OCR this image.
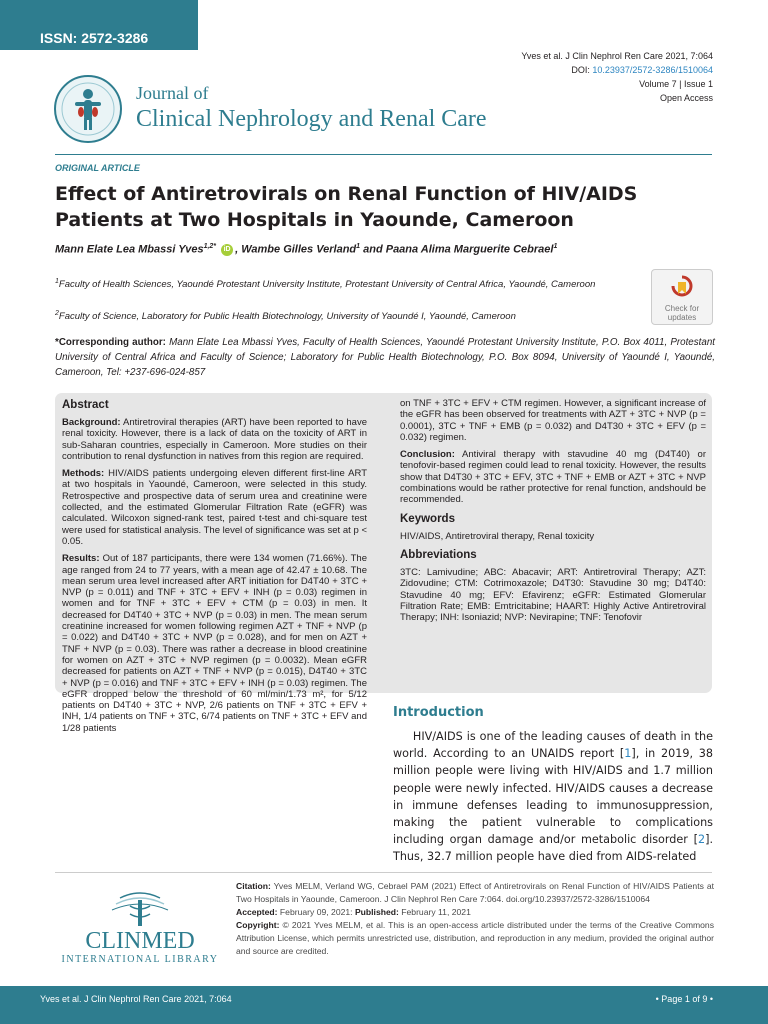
ISSN: 2572-3286
Yves et al. J Clin Nephrol Ren Care 2021, 7:064
DOI: 10.23937/2572-3286/1510064
Volume 7 | Issue 1
Open Access
Journal of
Clinical Nephrology and Renal Care
ORIGINAL ARTICLE
Effect of Antiretrovirals on Renal Function of HIV/AIDS Patients at Two Hospitals in Yaounde, Cameroon
Mann Elate Lea Mbassi Yves$^{1,2*}$ iD , Wambe Gilles Verland$^1$ and Paana Alima Marguerite Cebrael$^1$
$^1$Faculty of Health Sciences, Yaoundé Protestant University Institute, Protestant University of Central Africa, Yaoundé, Cameroon
$^2$Faculty of Science, Laboratory for Public Health Biotechnology, University of Yaoundé I, Yaoundé, Cameroon
Check for updates
*Corresponding author: Mann Elate Lea Mbassi Yves, Faculty of Health Sciences, Yaoundé Protestant University Institute, P.O. Box 4011, Protestant University of Central Africa and Faculty of Science; Laboratory for Public Health Biotechnology, P.O. Box 8094, University of Yaoundé I, Yaoundé, Cameroon, Tel: +237-696-024-857
Abstract

Background: Antiretroviral therapies (ART) have been reported to have renal toxicity. However, there is a lack of data on the toxicity of ART in sub-Saharan countries, especially in Cameroon. More studies on their contribution to renal dysfunction in natives from this region are required.

Methods: HIV/AIDS patients undergoing eleven different first-line ART at two hospitals in Yaoundé, Cameroon, were selected in this study. Retrospective and prospective data of serum urea and creatinine were collected, and the estimated Glomerular Filtration Rate (eGFR) was calculated. Wilcoxon signed-rank test, paired t-test and chi-square test were used for statistical analysis. The level of significance was set at p < 0.05.

Results: Out of 187 participants, there were 134 women (71.66%). The age ranged from 24 to 77 years, with a mean age of 42.47 ± 10.68. The mean serum urea level increased after ART initiation for D4T40 + 3TC + NVP (p = 0.011) and TNF + 3TC + EFV + INH (p = 0.03) regimen in women and for TNF + 3TC + EFV + CTM (p = 0.03) in men. It decreased for D4T40 + 3TC + NVP (p = 0.03) in men. The mean serum creatinine increased for women following regimen AZT + TNF + NVP (p = 0.022) and D4T40 + 3TC + NVP (p = 0.028), and for men on AZT + TNF + NVP (p = 0.03). There was rather a decrease in blood creatinine for women on AZT + 3TC + NVP regimen (p = 0.0032). Mean eGFR decreased for patients on AZT + TNF + NVP (p = 0.015), D4T40 + 3TC + NVP (p = 0.016) and TNF + 3TC + EFV + INH (p = 0.03) regimen. The eGFR dropped below the threshold of 60 ml/min/1.73 m², for 5/12 patients on D4T40 + 3TC + NVP, 2/6 patients on TNF + 3TC + EFV + INH, 1/4 patients on TNF + 3TC, 6/74 patients on TNF + 3TC + EFV and 1/28 patients

on TNF + 3TC + EFV + CTM regimen. However, a significant increase of the eGFR has been observed for treatments with AZT + 3TC + NVP (p = 0.0001), 3TC + TNF + EMB (p = 0.032) and D4T30 + 3TC + EFV (p = 0.032) regimen.

Conclusion: Antiviral therapy with stavudine 40 mg (D4T40) or tenofovir-based regimen could lead to renal toxicity. However, the results show that D4T30 + 3TC + EFV, 3TC + TNF + EMB or AZT + 3TC + NVP combinations would be rather protective for renal function, andshould be recommended.

Keywords

HIV/AIDS, Antiretroviral therapy, Renal toxicity

Abbreviations

3TC: Lamivudine; ABC: Abacavir; ART: Antiretroviral Therapy; AZT: Zidovudine; CTM: Cotrimoxazole; D4T30: Stavudine 30 mg; D4T40: Stavudine 40 mg; EFV: Efavirenz; eGFR: Estimated Glomerular Filtration Rate; EMB: Emtricitabine; HAART: Highly Active Antiretroviral Therapy; INH: Isoniazid; NVP: Nevirapine; TNF: Tenofovir

Introduction
HIV/AIDS is one of the leading causes of death in the world. According to an UNAIDS report [1], in 2019, 38 million people were living with HIV/AIDS and 1.7 million people were newly infected. HIV/AIDS causes a decrease in immune defenses leading to immunosuppression, making the patient vulnerable to complications including organ damage and/or metabolic disorder [2]. Thus, 32.7 million people have died from AIDS-related
CLINMED
INTERNATIONAL LIBRARY

Citation: Yves MELM, Verland WG, Cebrael PAM (2021) Effect of Antiretrovirals on Renal Function of HIV/AIDS Patients at Two Hospitals in Yaounde, Cameroon. J Clin Nephrol Ren Care 7:064. doi.org/10.23937/2572-3286/1510064

Accepted: February 09, 2021: Published: February 11, 2021

Copyright: © 2021 Yves MELM, et al. This is an open-access article distributed under the terms of the Creative Commons Attribution License, which permits unrestricted use, distribution, and reproduction in any medium, provided the original author and source are credited.

Yves et al. J Clin Nephrol Ren Care 2021, 7:064	• Page 1 of 9 •
